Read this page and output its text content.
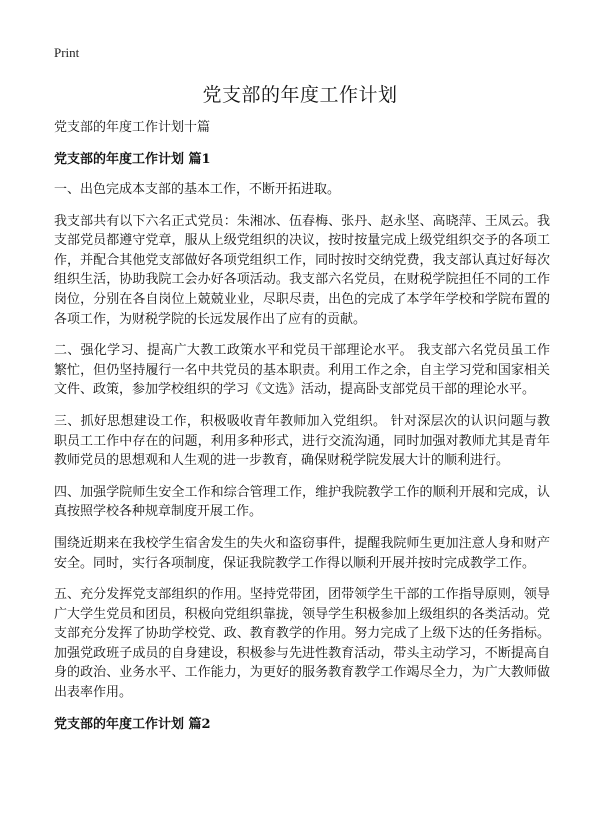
Print
党支部的年度工作计划

党支部的年度工作计划十篇

党支部的年度工作计划 篇1

一、出色完成本支部的基本工作，不断开拓进取。

我支部共有以下六名正式党员：朱湘冰、伍春梅、张丹、赵永坚、高晓萍、王凤云。我支部党员都遵守党章，服从上级党组织的决议，按时按量完成上级党组织交予的各项工作，并配合其他党支部做好各项党组织工作，同时按时交纳党费，我支部认真过好每次组织生活，协助我院工会办好各项活动。我支部六名党员，在财税学院担任不同的工作岗位，分别在各自岗位上兢兢业业，尽职尽责，出色的完成了本学年学校和学院布置的各项工作，为财税学院的长远发展作出了应有的贡献。

二、强化学习、提高广大教工政策水平和党员干部理论水平。 我支部六名党员虽工作繁忙，但仍坚持履行一名中共党员的基本职责。利用工作之余，自主学习党和国家相关文件、政策，参加学校组织的学习《文选》活动，提高卧支部党员干部的理论水平。

三、抓好思想建设工作，积极吸收青年教师加入党组织。 针对深层次的认识问题与教职员工工作中存在的问题，利用多种形式，进行交流沟通，同时加强对教师尤其是青年教师党员的思想观和人生观的进一步教育，确保财税学院发展大计的顺利进行。

四、加强学院师生安全工作和综合管理工作，维护我院教学工作的顺利开展和完成，认真按照学校各种规章制度开展工作。

围绕近期来在我校学生宿舍发生的失火和盗窃事件，提醒我院师生更加注意人身和财产安全。同时，实行各项制度，保证我院教学工作得以顺利开展并按时完成教学工作。

五、充分发挥党支部组织的作用。坚持党带团，团带领学生干部的工作指导原则，领导广大学生党员和团员，积极向党组织靠拢，领导学生积极参加上级组织的各类活动。党支部充分发挥了协助学校党、政、教育教学的作用。努力完成了上级下达的任务指标。 加强党政班子成员的自身建设，积极参与先进性教育活动，带头主动学习，不断提高自身的政治、业务水平、工作能力，为更好的服务教育教学工作竭尽全力，为广大教师做出表率作用。

党支部的年度工作计划 篇2
